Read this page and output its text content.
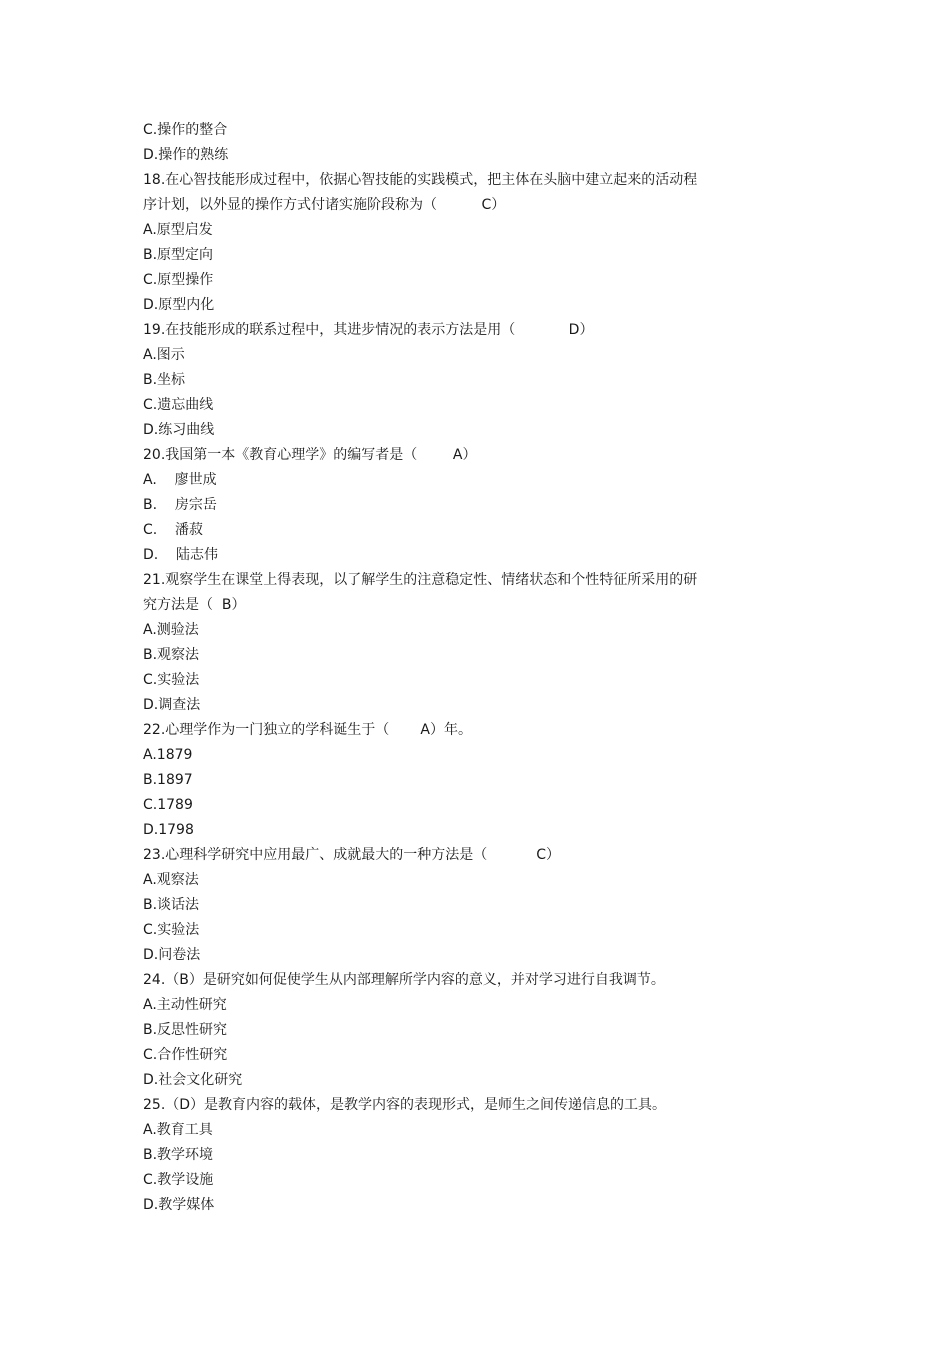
C.操作的整合
D.操作的熟练
18.在心智技能形成过程中，依据心智技能的实践模式，把主体在头脑中建立起来的活动程
序计划，以外显的操作方式付诸实施阶段称为（          C）
A.原型启发
B.原型定向
C.原型操作
D.原型内化
19.在技能形成的联系过程中，其进步情况的表示方法是用（            D）
A.图示
B.坐标
C.遗忘曲线
D.练习曲线
20.我国第一本《教育心理学》的编写者是（        A）
A.    廖世成
B.    房宗岳
C.    潘菽
D.    陆志伟
21.观察学生在课堂上得表现，以了解学生的注意稳定性、情绪状态和个性特征所采用的研
究方法是（  B）
A.测验法
B.观察法
C.实验法
D.调查法
22.心理学作为一门独立的学科诞生于（       A）年。
A.1879
B.1897
C.1789
D.1798
23.心理科学研究中应用最广、成就最大的一种方法是（           C）
A.观察法
B.谈话法
C.实验法
D.问卷法
24.（B）是研究如何促使学生从内部理解所学内容的意义，并对学习进行自我调节。
A.主动性研究
B.反思性研究
C.合作性研究
D.社会文化研究
25.（D）是教育内容的载体，是教学内容的表现形式，是师生之间传递信息的工具。
A.教育工具
B.教学环境
C.教学设施
D.教学媒体
